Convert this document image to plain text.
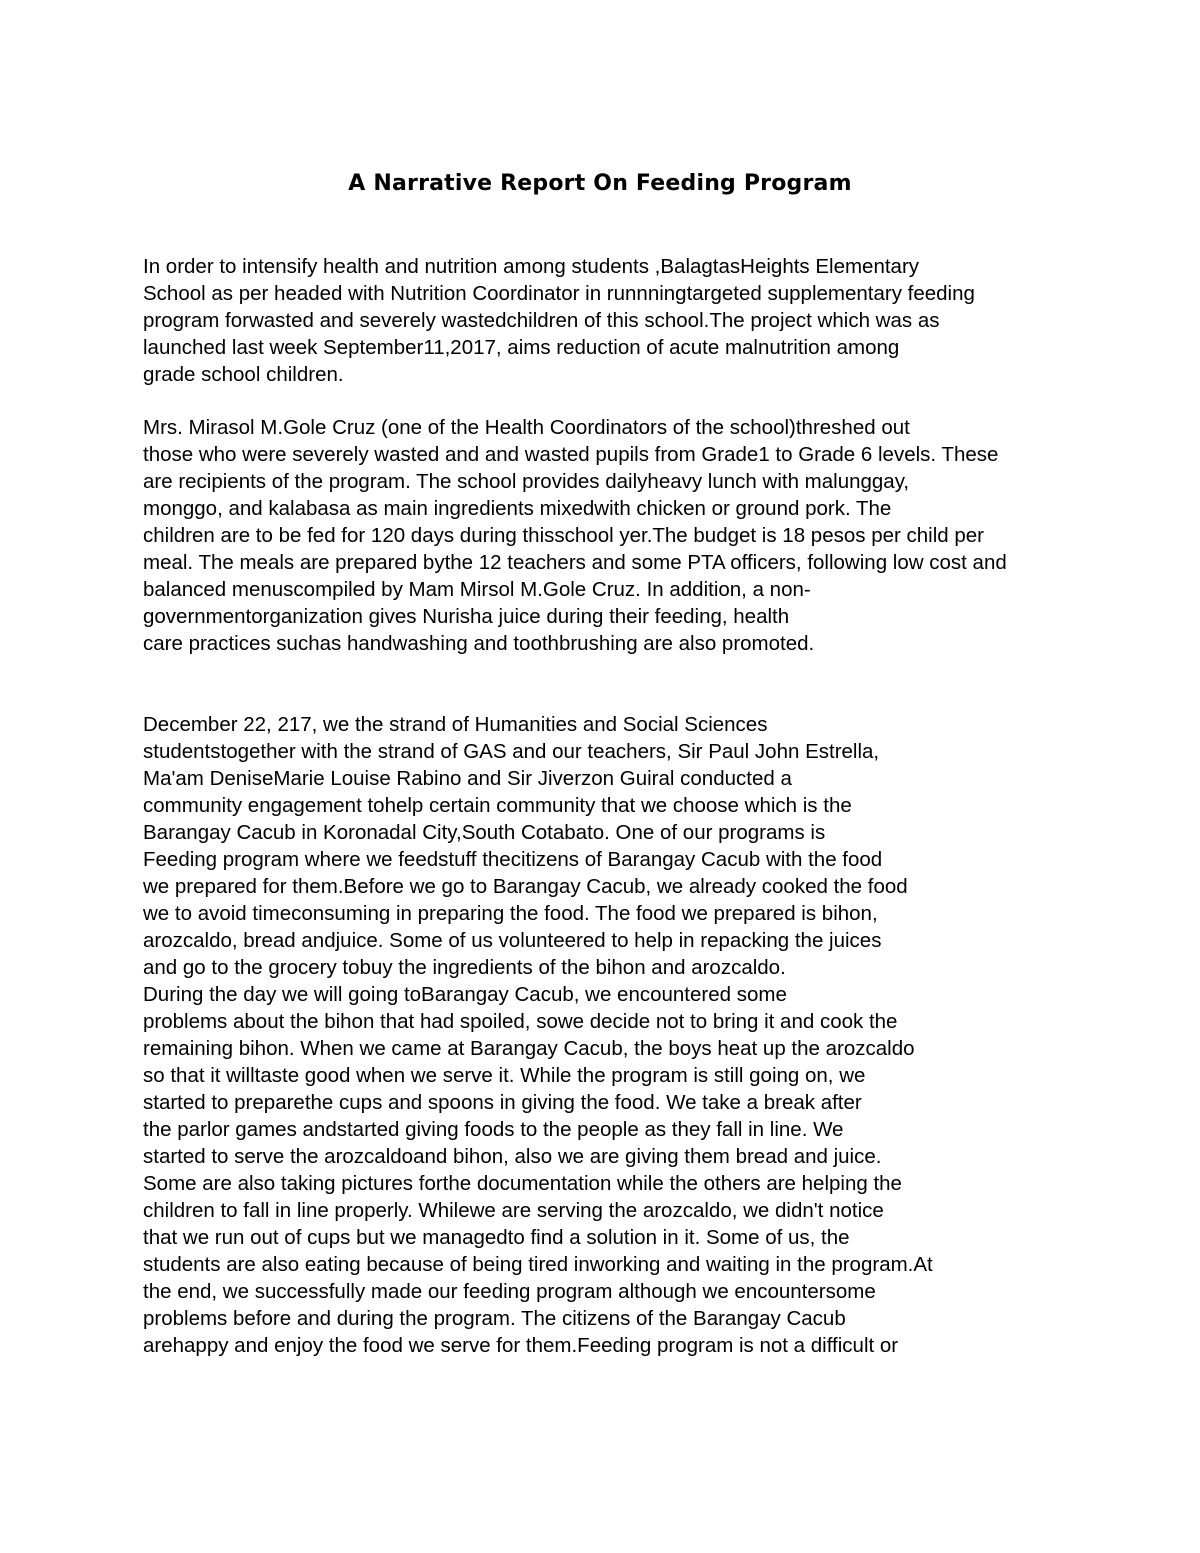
A Narrative Report On Feeding Program
In order to intensify health and nutrition among students ,BalagtasHeights Elementary
School as per headed with Nutrition Coordinator in runnningtargeted supplementary feeding
program forwasted and severely wastedchildren of this school.The project which was as
launched last week September11,2017, aims reduction of acute malnutrition among
grade school children.
Mrs. Mirasol M.Gole Cruz (one of the Health Coordinators of the school)threshed out
those who were severely wasted and and wasted pupils from Grade1 to Grade 6 levels. These
are recipients of the program. The school provides dailyheavy lunch with malunggay,
monggo, and kalabasa as main ingredients mixedwith chicken or ground pork. The
children are to be fed for 120 days during thisschool yer.The budget is 18 pesos per child per
meal. The meals are prepared bythe 12 teachers and some PTA officers, following low cost and
balanced menuscompiled by Mam Mirsol M.Gole Cruz. In addition, a non-
governmentorganization gives Nurisha juice during their feeding, health
care practices suchas handwashing and toothbrushing are also promoted.
December 22, 217, we the strand of Humanities and Social Sciences
studentstogether with the strand of GAS and our teachers, Sir Paul John Estrella,
Ma'am DeniseMarie Louise Rabino and Sir Jiverzon Guiral conducted a
community engagement tohelp certain community that we choose which is the
Barangay Cacub in Koronadal City,South Cotabato. One of our programs is
Feeding program where we feedstuff thecitizens of Barangay Cacub with the food
we prepared for them.Before we go to Barangay Cacub, we already cooked the food
we to avoid timeconsuming in preparing the food. The food we prepared is bihon,
arozcaldo, bread andjuice. Some of us volunteered to help in repacking the juices
and go to the grocery tobuy the ingredients of the bihon and arozcaldo.
During the day we will going toBarangay Cacub, we encountered some
problems about the bihon that had spoiled, sowe decide not to bring it and cook the
remaining bihon. When we came at Barangay Cacub, the boys heat up the arozcaldo
so that it willtaste good when we serve it. While the program is still going on, we
started to preparethe cups and spoons in giving the food. We take a break after
the parlor games andstarted giving foods to the people as they fall in line. We
started to serve the arozcaldoand bihon, also we are giving them bread and juice.
Some are also taking pictures forthe documentation while the others are helping the
children to fall in line properly. Whilewe are serving the arozcaldo, we didn't notice
that we run out of cups but we managedto find a solution in it. Some of us, the
students are also eating because of being tired inworking and waiting in the program.At
the end, we successfully made our feeding program although we encountersome
problems before and during the program. The citizens of the Barangay Cacub
arehappy and enjoy the food we serve for them.Feeding program is not a difficult or
